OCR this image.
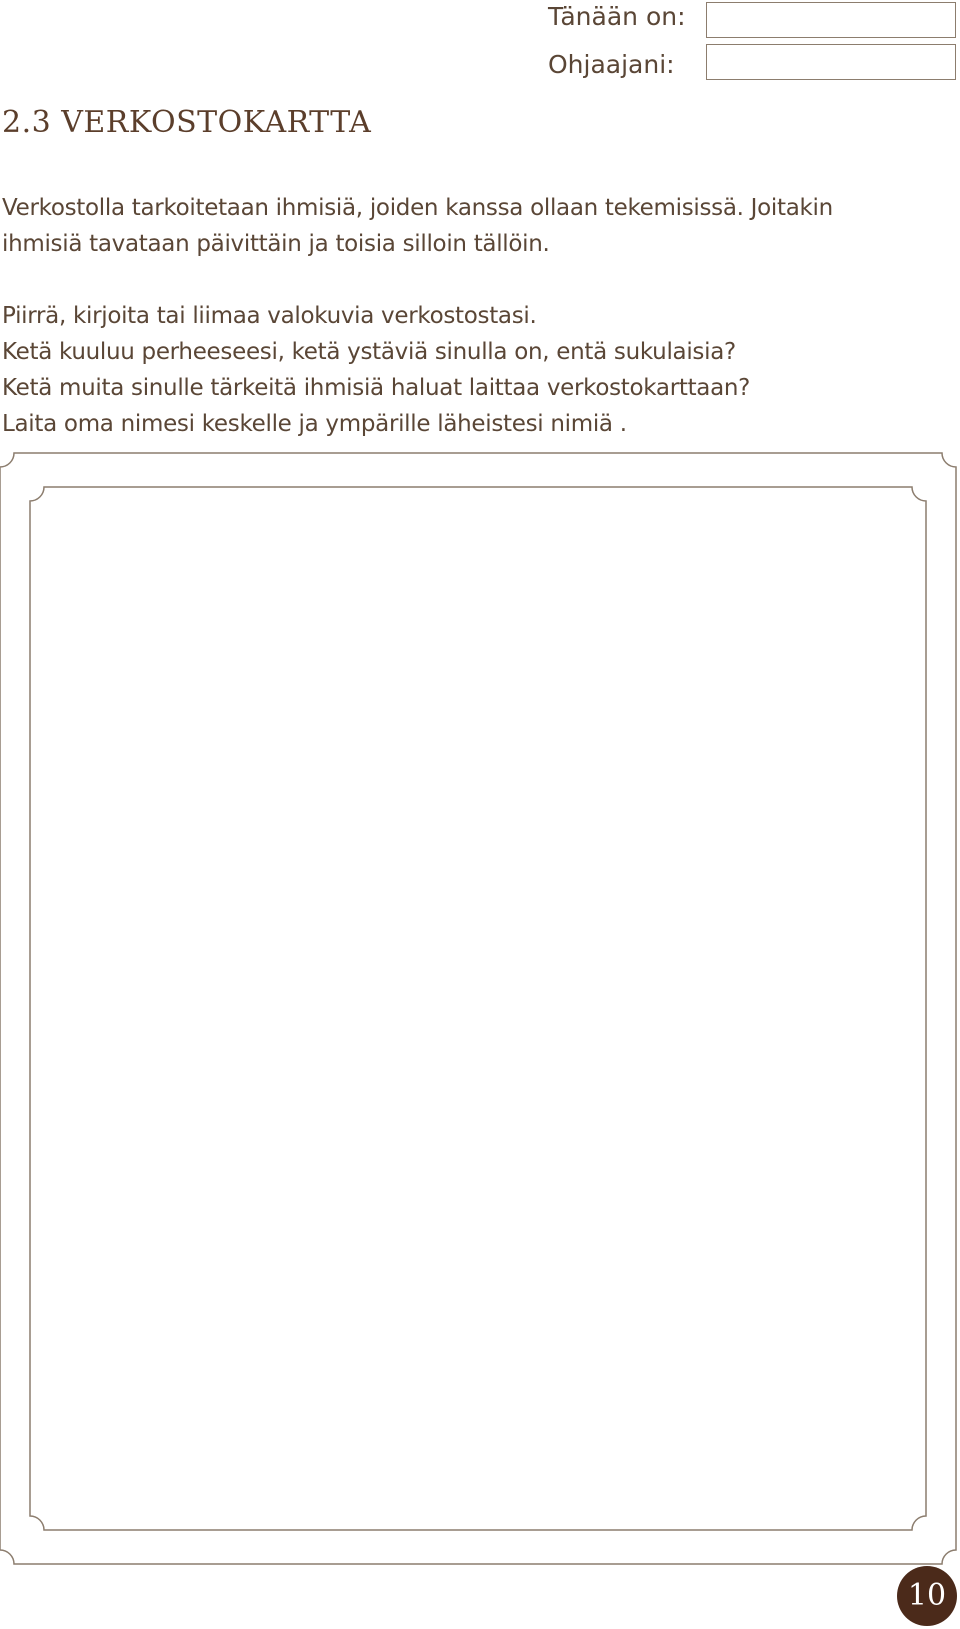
Tänään on:
Ohjaajani:
2.3 VERKOSTOKARTTA
Verkostolla tarkoitetaan ihmisiä, joiden kanssa ollaan tekemisissä. Joitakin
ihmisiä tavataan päivittäin ja toisia silloin tällöin.
Piirrä, kirjoita tai liimaa valokuvia verkostostasi.
Ketä kuuluu perheeseesi, ketä ystäviä sinulla on, entä sukulaisia?
Ketä muita sinulle tärkeitä ihmisiä haluat laittaa verkostokarttaan?
Laita oma nimesi keskelle ja ympärille läheistesi nimiä .
10
